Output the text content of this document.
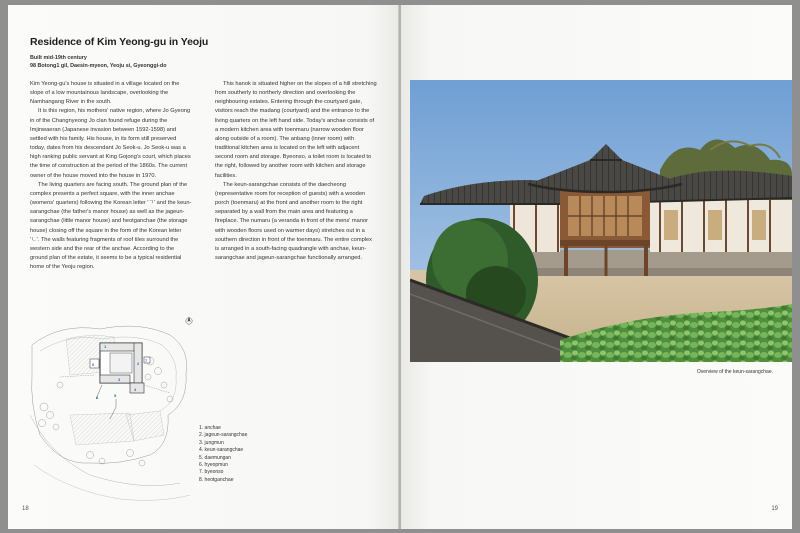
Residence of Kim Yeong-gu in Yeoju
Built mid-19th century
98 Botong1 gil, Daesin-myeon, Yeoju si, Gyeonggi-do

Kim Yeong-gu's house is situated in a village located on the slope of a low mountainous landscape, overlooking the Namhangang River in the south.

It is this region, his mothers' native region, where Jo Gyeong in of the Changnyeong Jo clan found refuge during the Imjinwaeran (Japanese invasion between 1592-1598) and settled with his family. His house, in its form still preserved today, dates from his descendant Jo Seok-u. Jo Seok-u was a high ranking public servant at King Gojong's court, which places the time of construction at the period of the 1860s. The current owner of the house moved into the house in 1970.

The living quarters are facing south. The ground plan of the complex presents a perfect square, with the inner anchae (womens' quarters) following the Korean letter 'ㄱ' and the keun-sarangchae (the father's manor house) as well as the jageun-sarangchae (little manor house) and heotganchae (the storage house) closing off the square in the form of the Korean letter 'ㄴ'. The walls featuring fragments of roof tiles surround the western side and the rear of the anchae. According to the ground plan of the estate, it seems to be a typical residential home of the Yeoju region.

This hanok is situated higher on the slopes of a hill stretching from southerly to northerly direction and overlooking the neighbouring estates. Entering through the courtyard gate, visitors reach the madang (courtyard) and the entrance to the living quarters on the left hand side. Today's anchae consists of a modern kitchen area with toenmaru (narrow wooden floor along outside of a room). The anbang (inner room) with traditional kitchen area is located on the left with adjacent second room and storage. Byeonso, a toilet room is located to the right, followed by another room with kitchen and storage facilities.

The keun-sarangchae consists of the daecheong (representative room for reception of guests) with a wooden porch (toenmaru) at the front and another room to the right separated by a wall from the main area and featuring a fireplace. The numaru (a veranda in front of the mens' manor with wooden floors used on warmer days) stretches out in a southern direction in front of the toenmaru. The entire complex is arranged in a south-facing quadrangle with anchae, keun-sarangchae and jageun-sarangchae functionally arranged.

1
2
3
4
5
6
7
8
1. anchae
2. jageun-sarangchae
3. jungmun
4. keun-sarangchae
5. daemungan
6. hyeopmun
7. byeonso
8. heotganchae
18
Overview of the keun-sarangchae.
19
